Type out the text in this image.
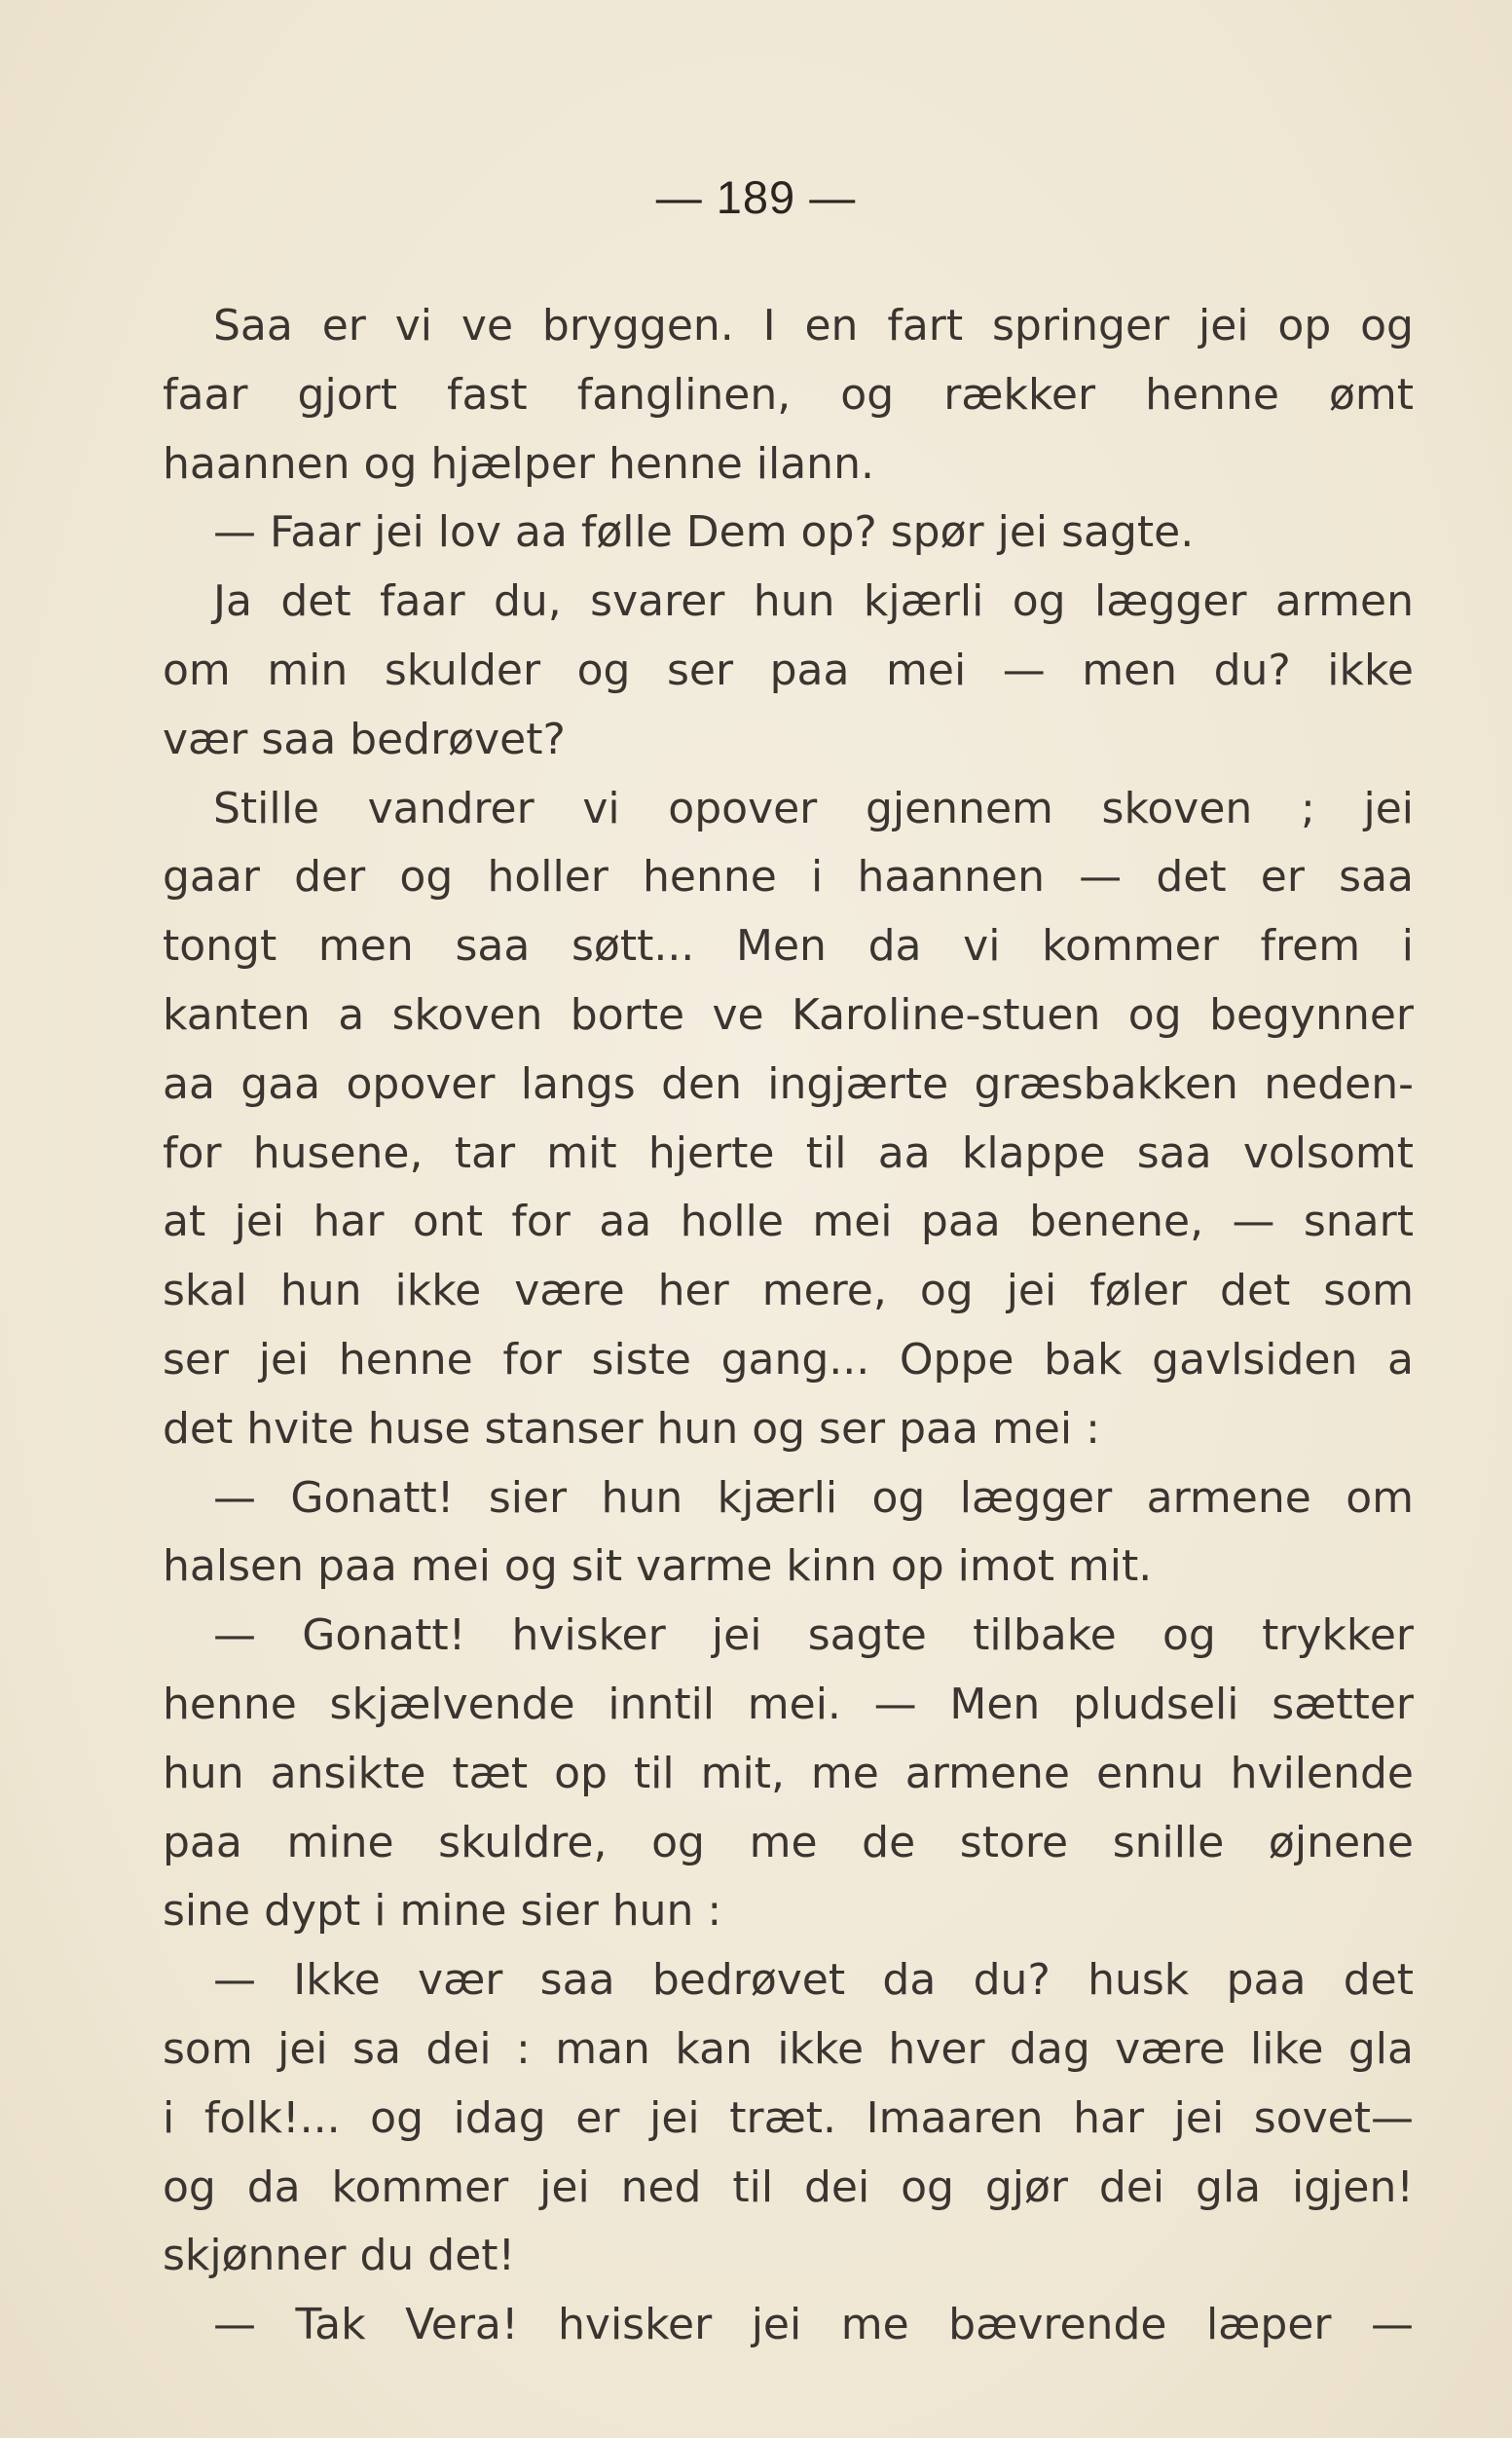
— 189 —
Saa er vi ve bryggen. I en fart springer jei op og
faar gjort fast fanglinen, og rækker henne ømt
haannen og hjælper henne ilann.
— Faar jei lov aa følle Dem op? spør jei sagte.
Ja det faar du, svarer hun kjærli og lægger armen
om min skulder og ser paa mei — men du? ikke
vær saa bedrøvet?
Stille vandrer vi opover gjennem skoven ; jei
gaar der og holler henne i haannen — det er saa
tongt men saa søtt... Men da vi kommer frem i
kanten a skoven borte ve Karoline-stuen og begynner
aa gaa opover langs den ingjærte græsbakken neden-
for husene, tar mit hjerte til aa klappe saa volsomt
at jei har ont for aa holle mei paa benene, — snart
skal hun ikke være her mere, og jei føler det som
ser jei henne for siste gang... Oppe bak gavlsiden a
det hvite huse stanser hun og ser paa mei :
— Gonatt! sier hun kjærli og lægger armene om
halsen paa mei og sit varme kinn op imot mit.
— Gonatt! hvisker jei sagte tilbake og trykker
henne skjælvende inntil mei. — Men pludseli sætter
hun ansikte tæt op til mit, me armene ennu hvilende
paa mine skuldre, og me de store snille øjnene
sine dypt i mine sier hun :
— Ikke vær saa bedrøvet da du? husk paa det
som jei sa dei : man kan ikke hver dag være like gla
i folk!... og idag er jei træt. Imaaren har jei sovet—
og da kommer jei ned til dei og gjør dei gla igjen!
skjønner du det!
— Tak Vera! hvisker jei me bævrende læper —
